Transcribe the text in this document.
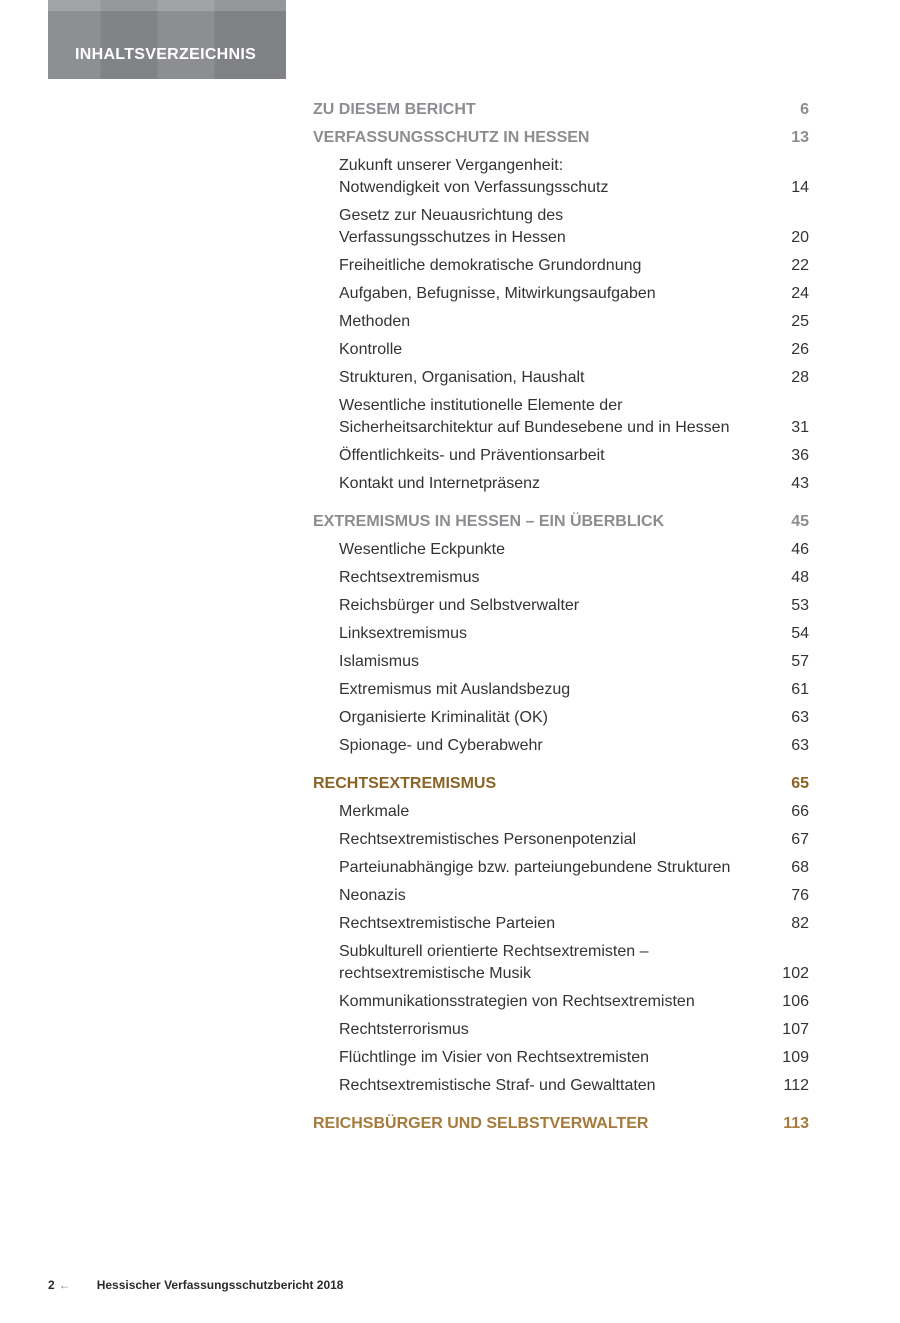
INHALTSVERZEICHNIS
ZU DIESEM BERICHT	6
VERFASSUNGSSCHUTZ IN HESSEN	13
Zukunft unserer Vergangenheit:
Notwendigkeit von Verfassungsschutz	14
Gesetz zur Neuausrichtung des
Verfassungsschutzes in Hessen	20
Freiheitliche demokratische Grundordnung	22
Aufgaben, Befugnisse, Mitwirkungsaufgaben	24
Methoden	25
Kontrolle	26
Strukturen, Organisation, Haushalt	28
Wesentliche institutionelle Elemente der
Sicherheitsarchitektur auf Bundesebene und in Hessen	31
Öffentlichkeits- und Präventionsarbeit	36
Kontakt und Internetpräsenz	43
EXTREMISMUS IN HESSEN – EIN ÜBERBLICK	45
Wesentliche Eckpunkte	46
Rechtsextremismus	48
Reichsbürger und Selbstverwalter	53
Linksextremismus	54
Islamismus	57
Extremismus mit Auslandsbezug	61
Organisierte Kriminalität (OK)	63
Spionage- und Cyberabwehr	63
RECHTSEXTREMISMUS	65
Merkmale	66
Rechtsextremistisches Personenpotenzial	67
Parteiunabhängige bzw. parteiungebundene Strukturen	68
Neonazis	76
Rechtsextremistische Parteien	82
Subkulturell orientierte Rechtsextremisten –
rechtsextremistische Musik	102
Kommunikationsstrategien von Rechtsextremisten	106
Rechtsterrorismus	107
Flüchtlinge im Visier von Rechtsextremisten	109
Rechtsextremistische Straf- und Gewalttaten	112
REICHSBÜRGER UND SELBSTVERWALTER	113
2 ← Hessischer Verfassungsschutzbericht 2018
